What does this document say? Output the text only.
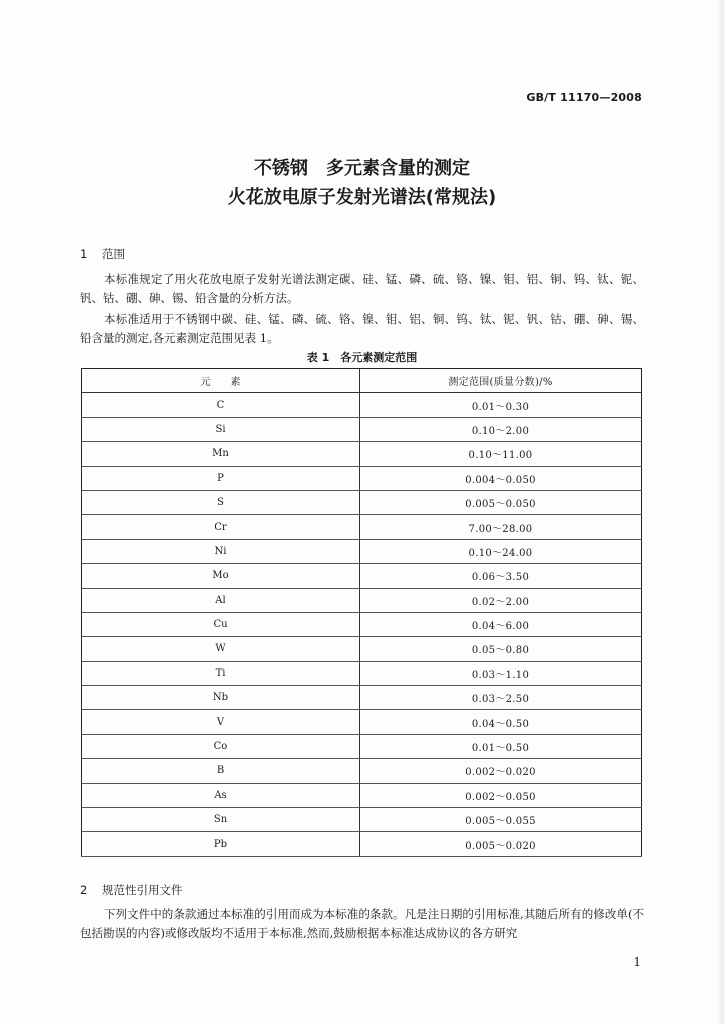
GB/T 11170—2008
不锈钢　多元素含量的测定
火花放电原子发射光谱法(常规法)
1 范围
本标准规定了用火花放电原子发射光谱法测定碳、硅、锰、磷、硫、铬、镍、钼、铝、铜、钨、钛、铌、钒、钴、硼、砷、锡、铅含量的分析方法。
本标准适用于不锈钢中碳、硅、锰、磷、硫、铬、镍、钼、铝、铜、钨、钛、铌、钒、钴、硼、砷、锡、铅含量的测定,各元素测定范围见表 1。
表 1　各元素测定范围
元　　素	测定范围(质量分数)/%
C	0.01～0.30
Si	0.10～2.00
Mn	0.10～11.00
P	0.004～0.050
S	0.005～0.050
Cr	7.00～28.00
Ni	0.10～24.00
Mo	0.06～3.50
Al	0.02～2.00
Cu	0.04～6.00
W	0.05～0.80
Ti	0.03～1.10
Nb	0.03～2.50
V	0.04～0.50
Co	0.01～0.50
B	0.002～0.020
As	0.002～0.050
Sn	0.005～0.055
Pb	0.005～0.020
2 规范性引用文件
下列文件中的条款通过本标准的引用而成为本标准的条款。凡是注日期的引用标准,其随后所有的修改单(不包括勘误的内容)或修改版均不适用于本标准,然而,鼓励根据本标准达成协议的各方研究
1
